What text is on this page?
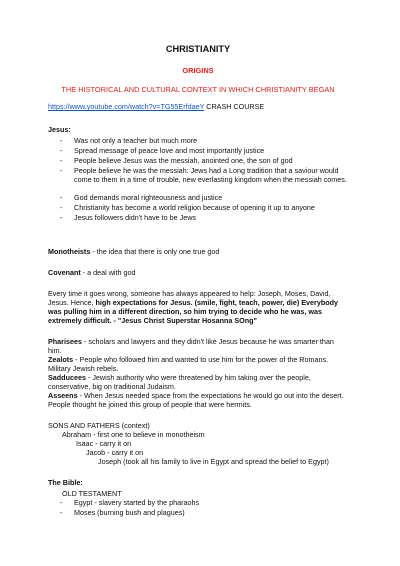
CHRISTIANITY
ORIGINS
THE HISTORICAL AND CULTURAL CONTEXT IN WHICH CHRISTIANITY BEGAN
https://www.youtube.com/watch?v=TG55ErfdaeY CRASH COURSE
Jesus:
- Was not only a teacher but much more
- Spread message of peace love and most importantly justice
- People believe Jesus was the messiah, anointed one, the son of god
- People believe he was the messiah: Jews had a Long tradition that a saviour would come to them in a time of trouble, new everlasting kingdom when the messiah comes.
- God demands moral righteousness and justice
- Christianity has become a world religion because of opening it up to anyone
- Jesus followers didn't have to be Jews

Monotheists - the idea that there is only one true god

Covenant - a deal with god

Every time it goes wrong, someone has always appeared to help: Joseph, Moses, David, Jesus. Hence, high expectations for Jesus. (smile, fight, teach, power, die) Everybody was pulling him in a different direction, so him trying to decide who he was, was extremely difficult. - "Jesus Christ Superstar Hosanna SOng"

Pharisees - scholars and lawyers and they didn't like Jesus because he was smarter than him.

Zealots - People who followed him and wanted to use him for the power of the Romans. Military Jewish rebels.

Sadducees - Jewish authority who were threatened by him taking over the people, conservative, big on traditional Judaism.

Asseens - When Jesus needed space from the expectations he would go out into the desert. People thought he joined this group of people that were hermits.

SONS AND FATHERS (context)

Abraham - first one to believe in monotheism

Isaac - carry it on

Jacob - carry it on

Joseph (took all his family to live in Egypt and spread the belief to Egypt)

The Bible:

OLD TESTAMENT

- Egypt - slavery started by the pharaohs
- Moses (burning bush and plagues)
